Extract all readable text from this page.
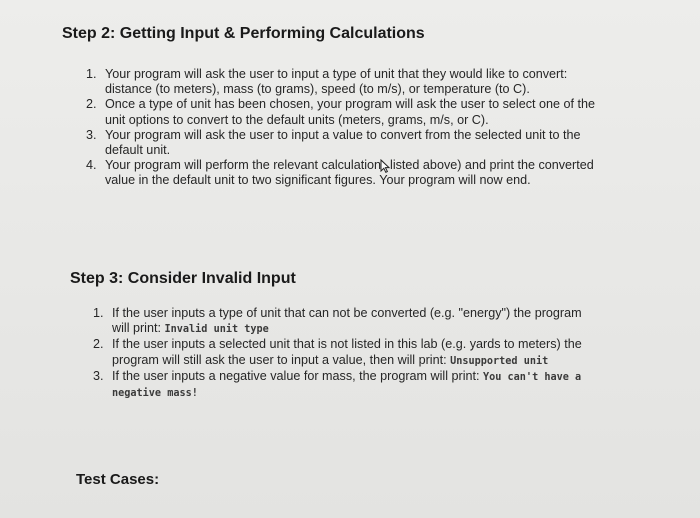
Step 2: Getting Input & Performing Calculations
1. Your program will ask the user to input a type of unit that they would like to convert: distance (to meters), mass (to grams), speed (to m/s), or temperature (to C).
2. Once a type of unit has been chosen, your program will ask the user to select one of the unit options to convert to the default units (meters, grams, m/s, or C).
3. Your program will ask the user to input a value to convert from the selected unit to the default unit.
4. Your program will perform the relevant calculation listed above) and print the converted value in the default unit to two significant figures. Your program will now end.
Step 3: Consider Invalid Input
1. If the user inputs a type of unit that can not be converted (e.g. "energy") the program will print: Invalid unit type
2. If the user inputs a selected unit that is not listed in this lab (e.g. yards to meters) the program will still ask the user to input a value, then will print: Unsupported unit
3. If the user inputs a negative value for mass, the program will print: You can't have a negative mass!
Test Cases:
